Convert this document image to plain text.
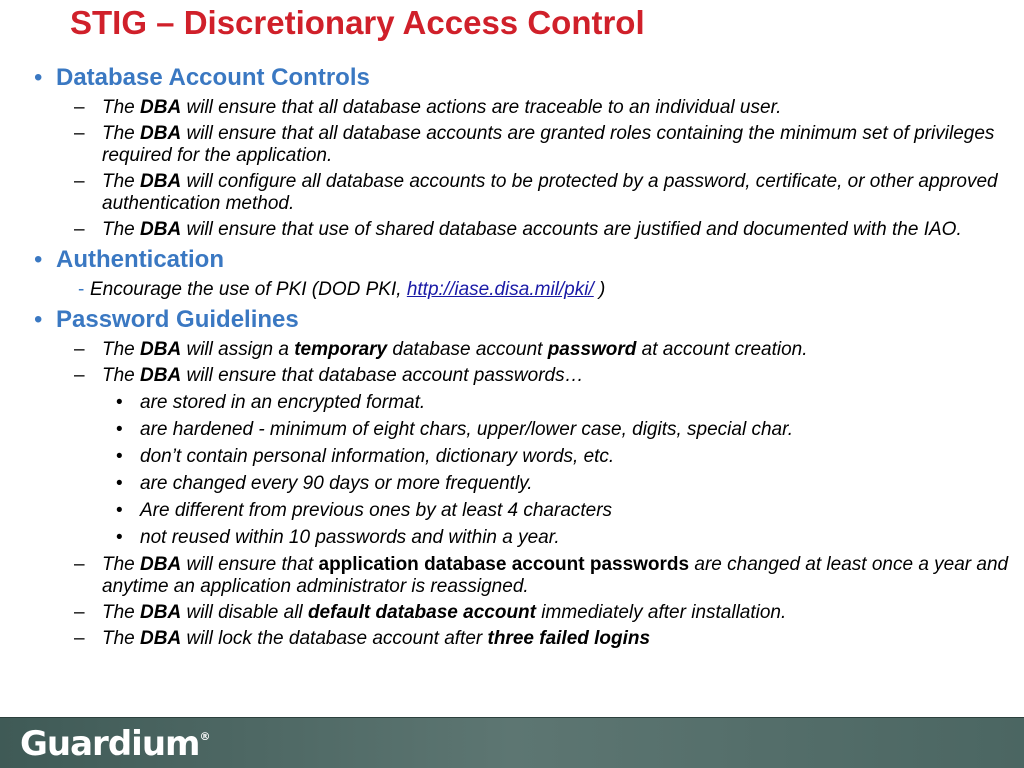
STIG – Discretionary Access Control
• Database Account Controls
– The DBA will ensure that all database actions are traceable to an individual user.
– The DBA will ensure that all database accounts are granted roles containing the minimum set of privileges required for the application.
– The DBA will configure all database accounts to be protected by a password, certificate, or other approved authentication method.
– The DBA will ensure that use of shared database accounts are justified and documented with the IAO.
• Authentication
- Encourage the use of PKI (DOD PKI, http://iase.disa.mil/pki/ )
• Password Guidelines
– The DBA will assign a temporary database account password at account creation.
– The DBA will ensure that database account passwords…
• are stored in an encrypted format.
• are hardened - minimum of eight chars, upper/lower case, digits, special char.
• don’t contain personal information, dictionary words, etc.
• are changed every 90 days or more frequently.
• Are different from previous ones by at least 4 characters
• not reused within 10 passwords and within a year.
– The DBA will ensure that application database account passwords are changed at least once a year and anytime an application administrator is reassigned.
– The DBA will disable all default database account immediately after installation.
– The DBA will lock the database account after three failed logins
Guardium®
